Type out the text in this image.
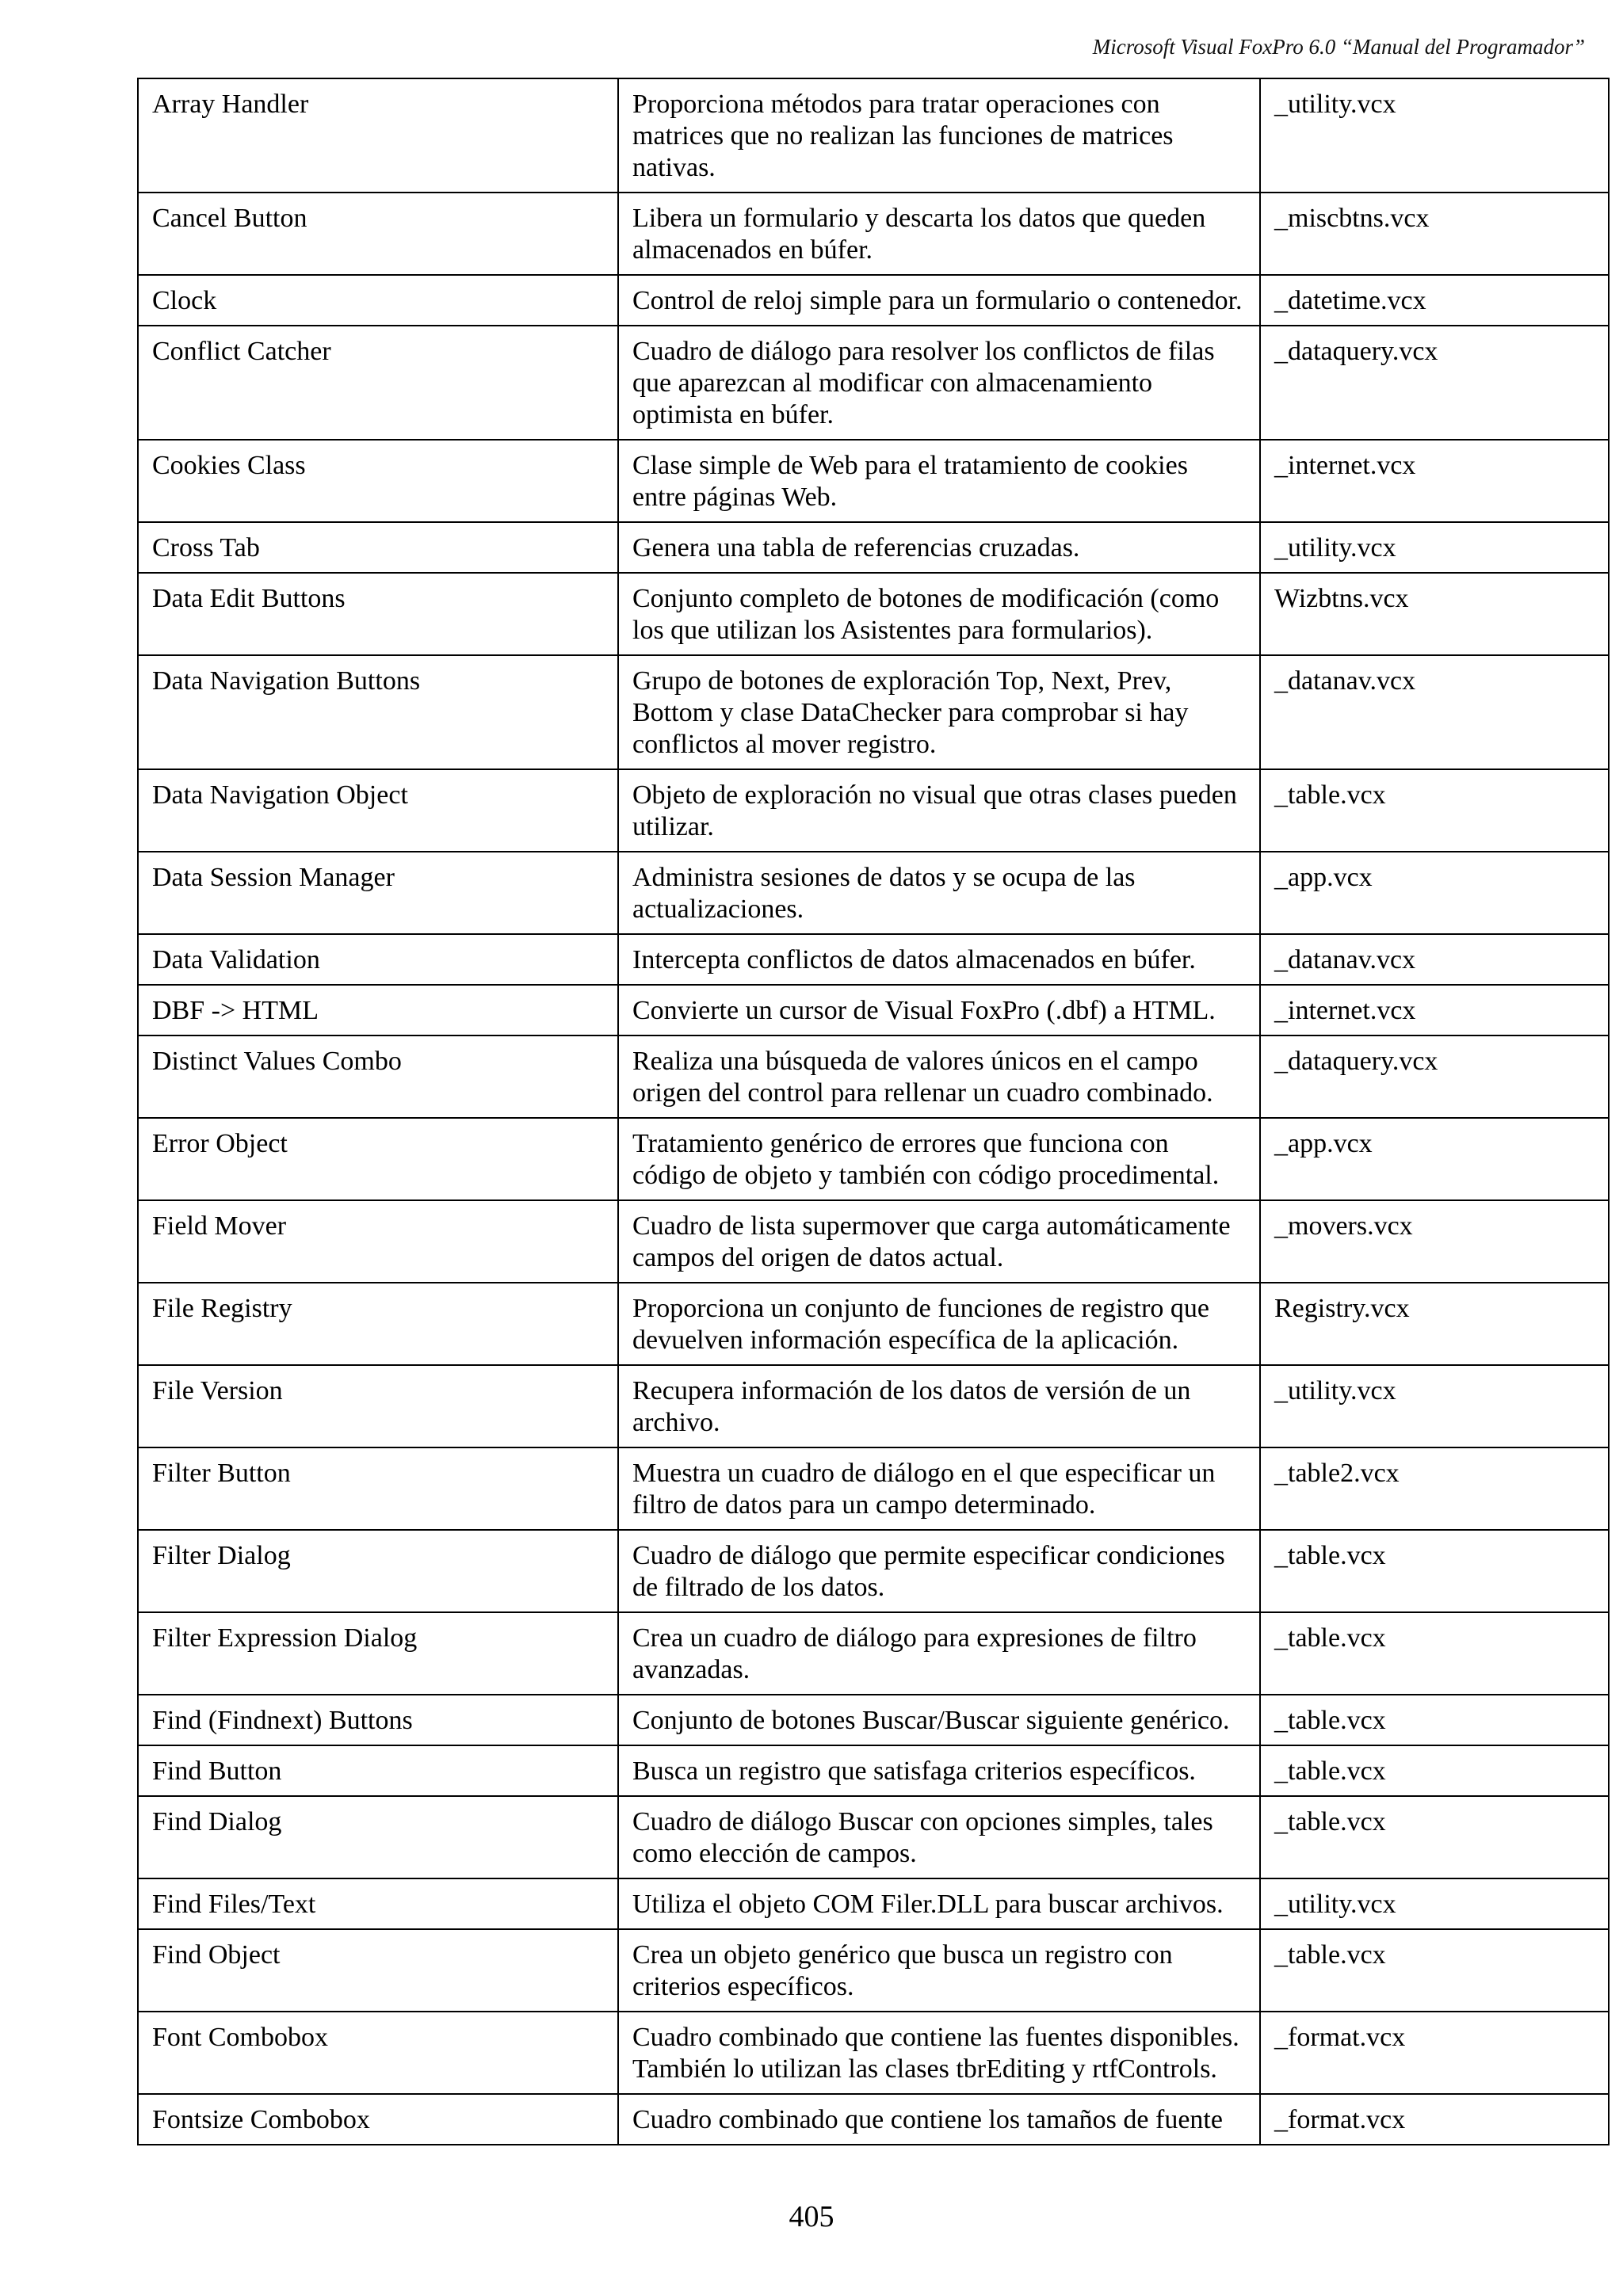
Microsoft Visual FoxPro 6.0 “Manual del Programador”
Array Handler	Proporciona métodos para tratar operaciones con matrices que no realizan las funciones de matrices nativas.	_utility.vcx
Cancel Button	Libera un formulario y descarta los datos que queden almacenados en búfer.	_miscbtns.vcx
Clock	Control de reloj simple para un formulario o contenedor.	_datetime.vcx
Conflict Catcher	Cuadro de diálogo para resolver los conflictos de filas que aparezcan al modificar con almacenamiento optimista en búfer.	_dataquery.vcx
Cookies Class	Clase simple de Web para el tratamiento de cookies entre páginas Web.	_internet.vcx
Cross Tab	Genera una tabla de referencias cruzadas.	_utility.vcx
Data Edit Buttons	Conjunto completo de botones de modificación (como los que utilizan los Asistentes para formularios).	Wizbtns.vcx
Data Navigation Buttons	Grupo de botones de exploración Top, Next, Prev, Bottom y clase DataChecker para comprobar si hay conflictos al mover registro.	_datanav.vcx
Data Navigation Object	Objeto de exploración no visual que otras clases pueden utilizar.	_table.vcx
Data Session Manager	Administra sesiones de datos y se ocupa de las actualizaciones.	_app.vcx
Data Validation	Intercepta conflictos de datos almacenados en búfer.	_datanav.vcx
DBF -> HTML	Convierte un cursor de Visual FoxPro (.dbf) a HTML.	_internet.vcx
Distinct Values Combo	Realiza una búsqueda de valores únicos en el campo origen del control para rellenar un cuadro combinado.	_dataquery.vcx
Error Object	Tratamiento genérico de errores que funciona con código de objeto y también con código procedimental.	_app.vcx
Field Mover	Cuadro de lista supermover que carga automáticamente campos del origen de datos actual.	_movers.vcx
File Registry	Proporciona un conjunto de funciones de registro que devuelven información específica de la aplicación.	Registry.vcx
File Version	Recupera información de los datos de versión de un archivo.	_utility.vcx
Filter Button	Muestra un cuadro de diálogo en el que especificar un filtro de datos para un campo determinado.	_table2.vcx
Filter Dialog	Cuadro de diálogo que permite especificar condiciones de filtrado de los datos.	_table.vcx
Filter Expression Dialog	Crea un cuadro de diálogo para expresiones de filtro avanzadas.	_table.vcx
Find (Findnext) Buttons	Conjunto de botones Buscar/Buscar siguiente genérico.	_table.vcx
Find Button	Busca un registro que satisfaga criterios específicos.	_table.vcx
Find Dialog	Cuadro de diálogo Buscar con opciones simples, tales como elección de campos.	_table.vcx
Find Files/Text	Utiliza el objeto COM Filer.DLL para buscar archivos.	_utility.vcx
Find Object	Crea un objeto genérico que busca un registro con criterios específicos.	_table.vcx
Font Combobox	Cuadro combinado que contiene las fuentes disponibles. También lo utilizan las clases tbrEditing y rtfControls.	_format.vcx
Fontsize Combobox	Cuadro combinado que contiene los tamaños de fuente	_format.vcx
405
